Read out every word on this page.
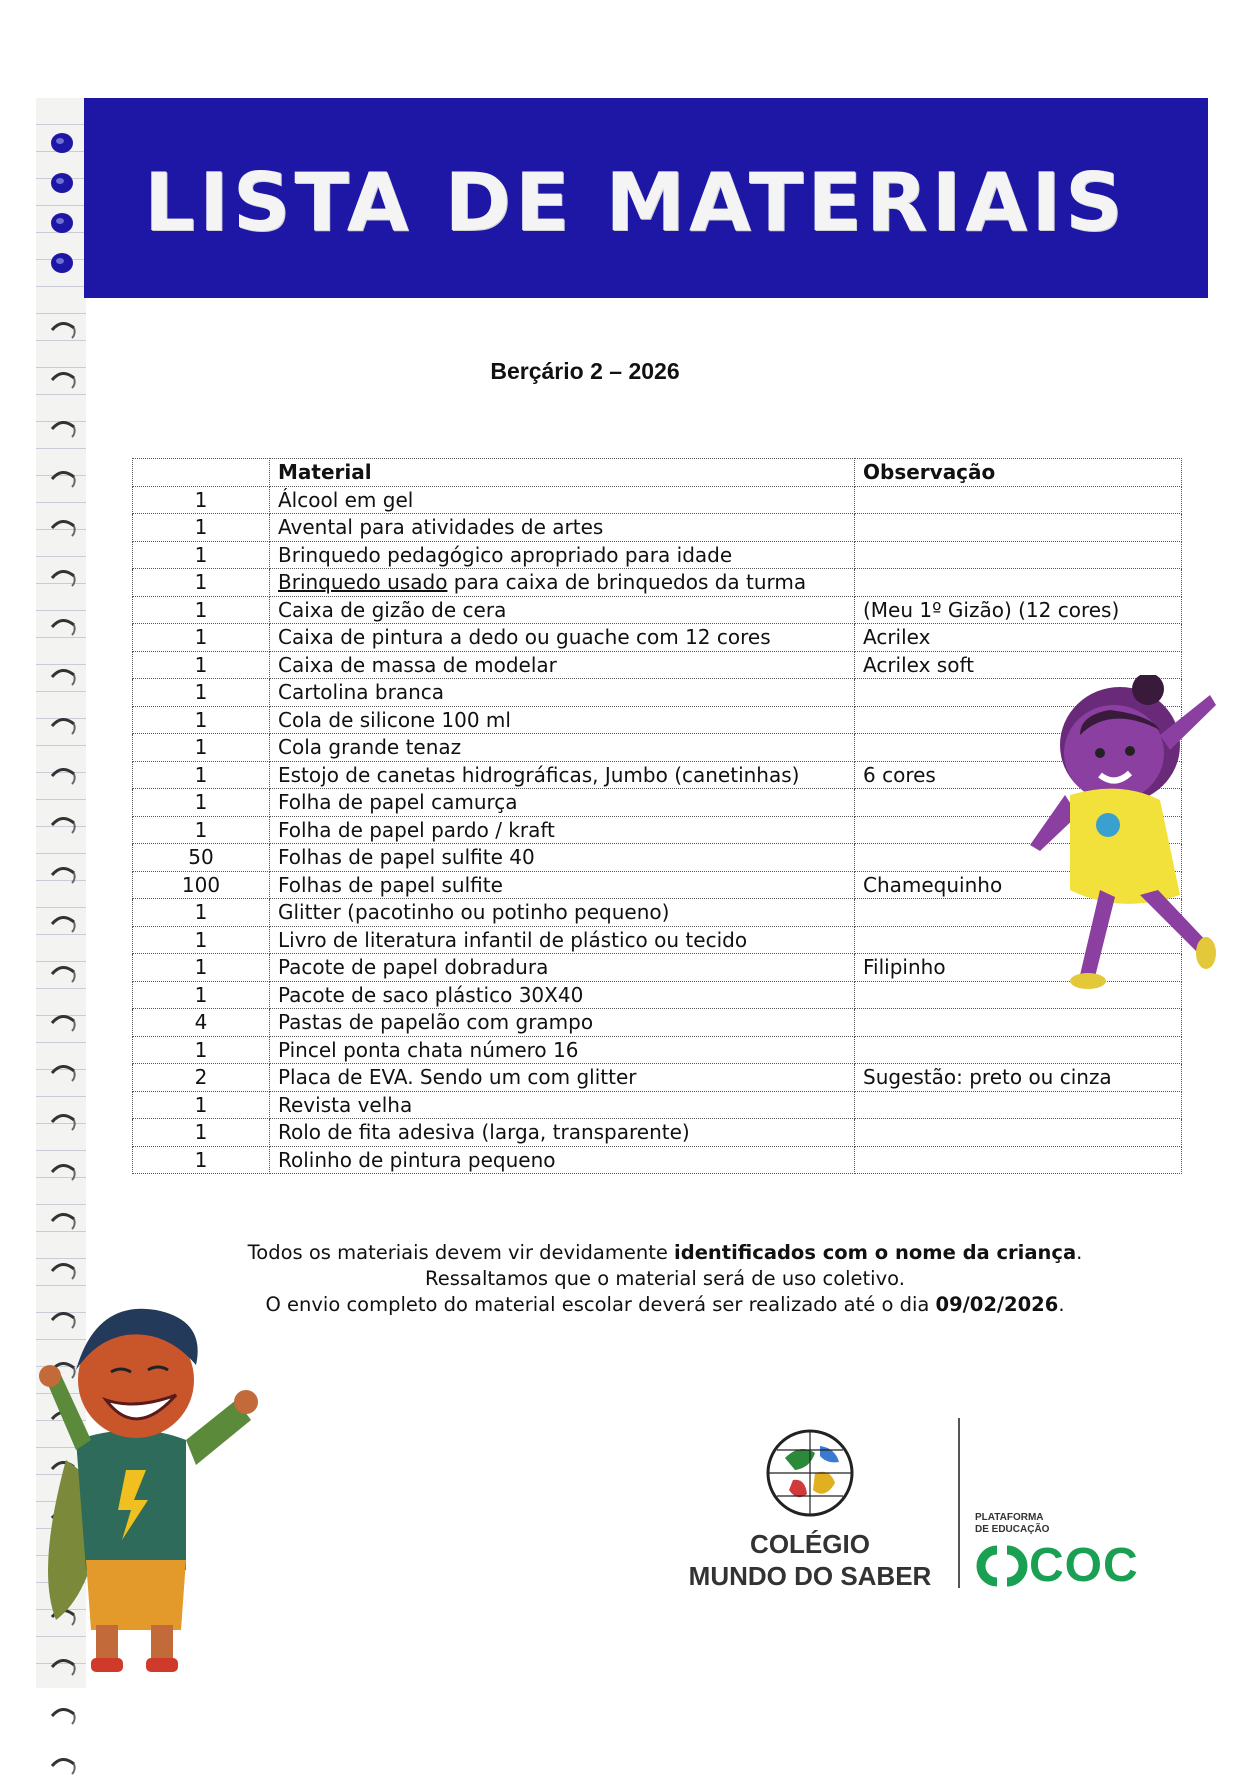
LISTA DE MATERIAIS
Berçário 2 – 2026
	Material	Observação
1	Álcool em gel	
1	Avental para atividades de artes	
1	Brinquedo pedagógico apropriado para idade	
1	Brinquedo usado para caixa de brinquedos da turma	
1	Caixa de gizão de cera	(Meu 1º Gizão) (12 cores)
1	Caixa de pintura a dedo ou guache com 12 cores	Acrilex
1	Caixa de massa de modelar	Acrilex soft
1	Cartolina branca	
1	Cola de silicone 100 ml	
1	Cola grande tenaz	
1	Estojo de canetas hidrográficas, Jumbo (canetinhas)	6 cores
1	Folha de papel camurça	
1	Folha de papel pardo / kraft	
50	Folhas de papel sulfite 40	
100	Folhas de papel sulfite	Chamequinho
1	Glitter (pacotinho ou potinho pequeno)	
1	Livro de literatura infantil de plástico ou tecido	
1	Pacote de papel dobradura	Filipinho
1	Pacote de saco plástico 30X40	
4	Pastas de papelão com grampo	
1	Pincel ponta chata número 16	
2	Placa de EVA. Sendo um com glitter	Sugestão: preto ou cinza
1	Revista velha	
1	Rolo de fita adesiva (larga, transparente)	
1	Rolinho de pintura pequeno	
Todos os materiais devem vir devidamente identificados com o nome da criança.
Ressaltamos que o material será de uso coletivo.
O envio completo do material escolar deverá ser realizado até o dia 09/02/2026.
COLÉGIO
MUNDO DO SABER
PLATAFORMA
DE EDUCAÇÃO
COC
